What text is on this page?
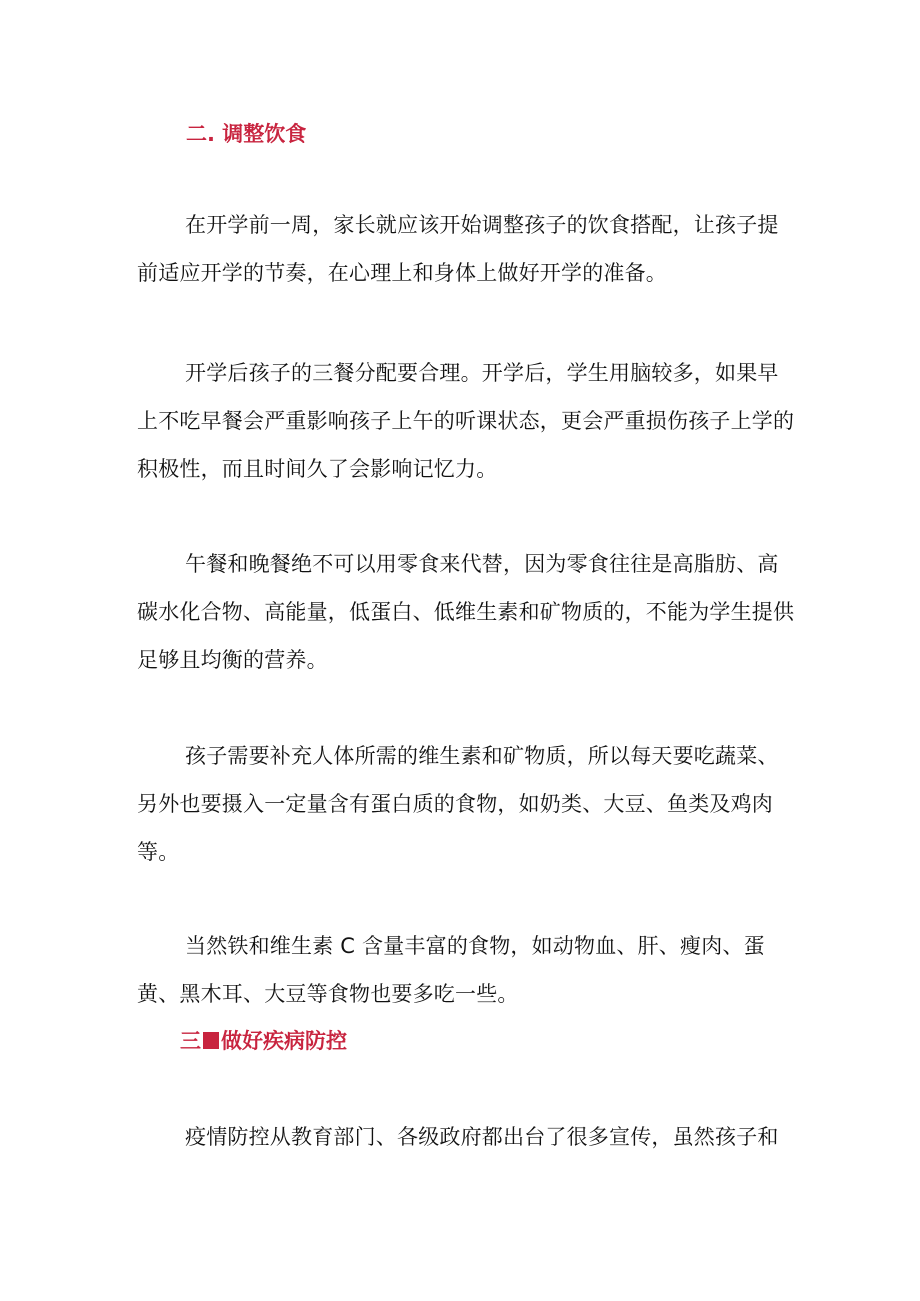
二. 调整饮食
在开学前一周，家长就应该开始调整孩子的饮食搭配，让孩子提前适应开学的节奏，在心理上和身体上做好开学的准备。
开学后孩子的三餐分配要合理。开学后，学生用脑较多，如果早上不吃早餐会严重影响孩子上午的听课状态，更会严重损伤孩子上学的积极性，而且时间久了会影响记忆力。
午餐和晚餐绝不可以用零食来代替，因为零食往往是高脂肪、高碳水化合物、高能量，低蛋白、低维生素和矿物质的，不能为学生提供足够且均衡的营养。
孩子需要补充人体所需的维生素和矿物质，所以每天要吃蔬菜、另外也要摄入一定量含有蛋白质的食物，如奶类、大豆、鱼类及鸡肉等。
当然铁和维生素 C 含量丰富的食物，如动物血、肝、瘦肉、蛋黄、黑木耳、大豆等食物也要多吃一些。
三 做好疾病防控
疫情防控从教育部门、各级政府都出台了很多宣传，虽然孩子和
